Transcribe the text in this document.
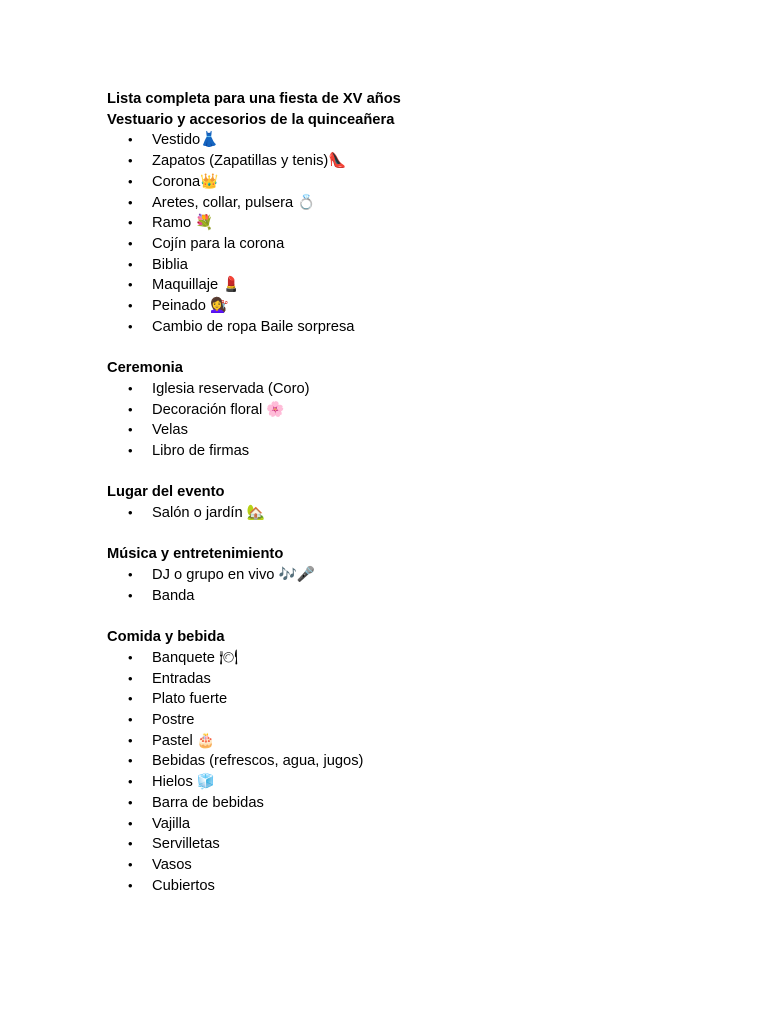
Lista completa para una fiesta de XV años

Vestuario y accesorios de la quinceañera

• Vestido👗
• Zapatos (Zapatillas y tenis)👠
• Corona👑
• Aretes, collar, pulsera 💍
• Ramo 💐
• Cojín para la corona
• Biblia
• Maquillaje 💄
• Peinado 💇‍♀️
• Cambio de ropa Baile sorpresa

Ceremonia

• Iglesia reservada (Coro)
• Decoración floral 🌸
• Velas
• Libro de firmas

Lugar del evento

• Salón o jardín 🏡

Música y entretenimiento

• DJ o grupo en vivo 🎶🎤
• Banda

Comida y bebida

• Banquete 🍽
• Entradas
• Plato fuerte
• Postre
• Pastel 🎂
• Bebidas (refrescos, agua, jugos)
• Hielos 🧊
• Barra de bebidas
• Vajilla
• Servilletas
• Vasos
• Cubiertos
